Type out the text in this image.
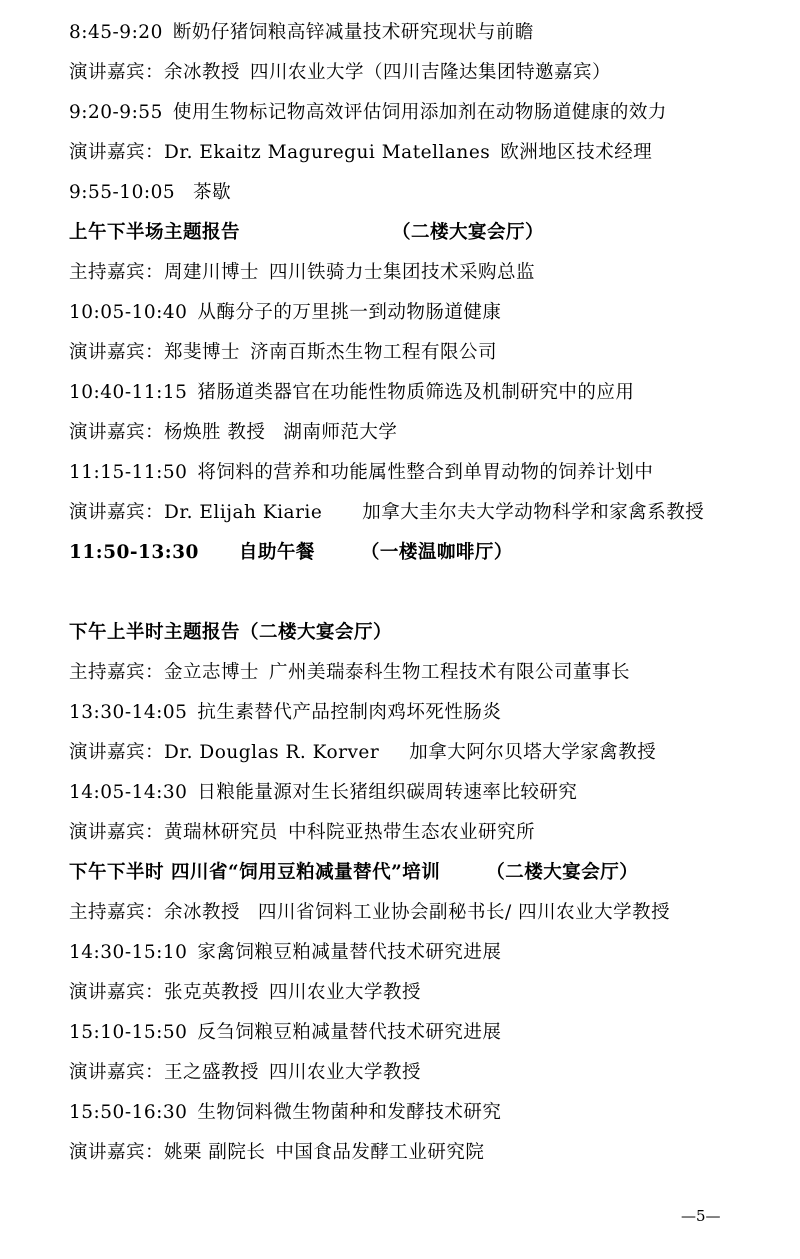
8:45-9:20 断奶仔猪饲粮高锌减量技术研究现状与前瞻
演讲嘉宾：余冰教授 四川农业大学（四川吉隆达集团特邀嘉宾）
9:20-9:55 使用生物标记物高效评估饲用添加剂在动物肠道健康的效力
演讲嘉宾：Dr. Ekaitz Maguregui Matellanes 欧洲地区技术经理
9:55-10:05 茶歇
上午下半场主题报告	（二楼大宴会厅）
主持嘉宾：周建川博士 四川铁骑力士集团技术采购总监
10:05-10:40 从酶分子的万里挑一到动物肠道健康
演讲嘉宾：郑斐博士 济南百斯杰生物工程有限公司
10:40-11:15 猪肠道类器官在功能性物质筛选及机制研究中的应用
演讲嘉宾：杨焕胜 教授 湖南师范大学
11:15-11:50 将饲料的营养和功能属性整合到单胃动物的饲养计划中
演讲嘉宾：Dr. Elijah Kiarie 加拿大圭尔夫大学动物科学和家禽系教授
11:50-13:30 自助午餐 （一楼温咖啡厅）
下午上半时主题报告（二楼大宴会厅）
主持嘉宾：金立志博士 广州美瑞泰科生物工程技术有限公司董事长
13:30-14:05 抗生素替代产品控制肉鸡坏死性肠炎
演讲嘉宾：Dr. Douglas R. Korver 加拿大阿尔贝塔大学家禽教授
14:05-14:30 日粮能量源对生长猪组织碳周转速率比较研究
演讲嘉宾：黄瑞林研究员 中科院亚热带生态农业研究所
下午下半时 四川省“饲用豆粕减量替代”培训 （二楼大宴会厅）
主持嘉宾：余冰教授 四川省饲料工业协会副秘书长/ 四川农业大学教授
14:30-15:10 家禽饲粮豆粕减量替代技术研究进展
演讲嘉宾：张克英教授 四川农业大学教授
15:10-15:50 反刍饲粮豆粕减量替代技术研究进展
演讲嘉宾：王之盛教授 四川农业大学教授
15:50-16:30 生物饲料微生物菌种和发酵技术研究
演讲嘉宾：姚栗 副院长 中国食品发酵工业研究院
—5—
